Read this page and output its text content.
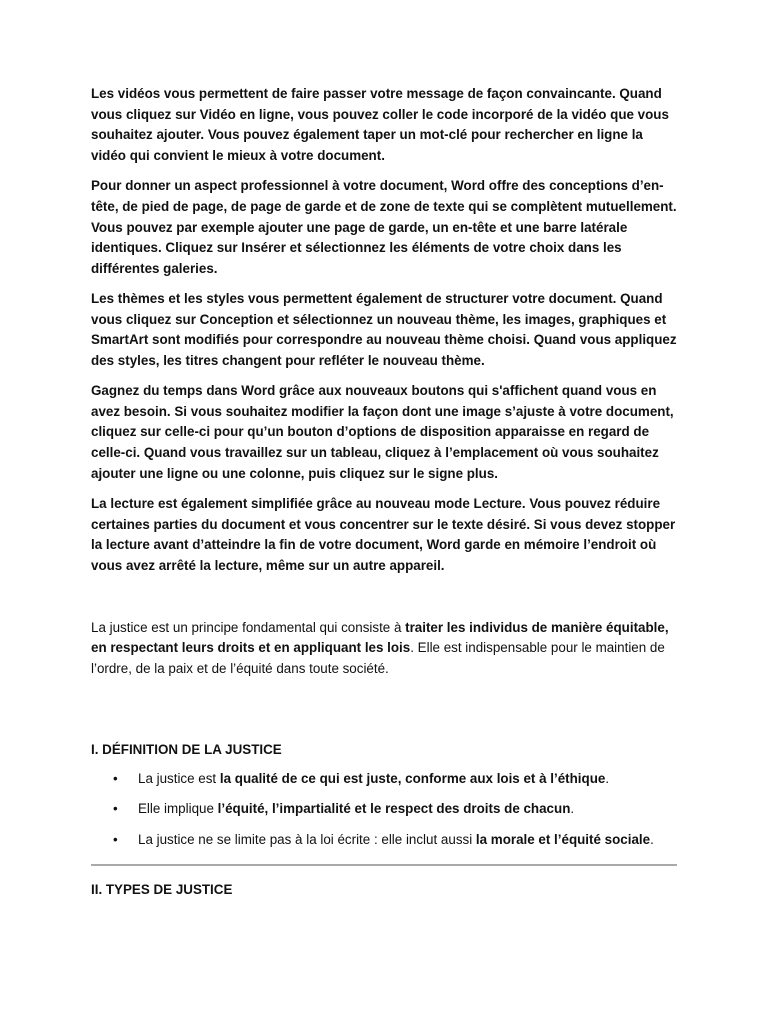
Les vidéos vous permettent de faire passer votre message de façon convaincante. Quand vous cliquez sur Vidéo en ligne, vous pouvez coller le code incorporé de la vidéo que vous souhaitez ajouter. Vous pouvez également taper un mot-clé pour rechercher en ligne la vidéo qui convient le mieux à votre document.

Pour donner un aspect professionnel à votre document, Word offre des conceptions d’en-tête, de pied de page, de page de garde et de zone de texte qui se complètent mutuellement. Vous pouvez par exemple ajouter une page de garde, un en-tête et une barre latérale identiques. Cliquez sur Insérer et sélectionnez les éléments de votre choix dans les différentes galeries.

Les thèmes et les styles vous permettent également de structurer votre document. Quand vous cliquez sur Conception et sélectionnez un nouveau thème, les images, graphiques et SmartArt sont modifiés pour correspondre au nouveau thème choisi. Quand vous appliquez des styles, les titres changent pour refléter le nouveau thème.

Gagnez du temps dans Word grâce aux nouveaux boutons qui s'affichent quand vous en avez besoin. Si vous souhaitez modifier la façon dont une image s’ajuste à votre document, cliquez sur celle-ci pour qu’un bouton d’options de disposition apparaisse en regard de celle-ci. Quand vous travaillez sur un tableau, cliquez à l’emplacement où vous souhaitez ajouter une ligne ou une colonne, puis cliquez sur le signe plus.

La lecture est également simplifiée grâce au nouveau mode Lecture. Vous pouvez réduire certaines parties du document et vous concentrer sur le texte désiré. Si vous devez stopper la lecture avant d’atteindre la fin de votre document, Word garde en mémoire l’endroit où vous avez arrêté la lecture, même sur un autre appareil.

La justice est un principe fondamental qui consiste à traiter les individus de manière équitable, en respectant leurs droits et en appliquant les lois. Elle est indispensable pour le maintien de l’ordre, de la paix et de l’équité dans toute société.

I. DÉFINITION DE LA JUSTICE
• La justice est la qualité de ce qui est juste, conforme aux lois et à l’éthique.
• Elle implique l’équité, l’impartialité et le respect des droits de chacun.
• La justice ne se limite pas à la loi écrite : elle inclut aussi la morale et l’équité sociale.
II. TYPES DE JUSTICE
